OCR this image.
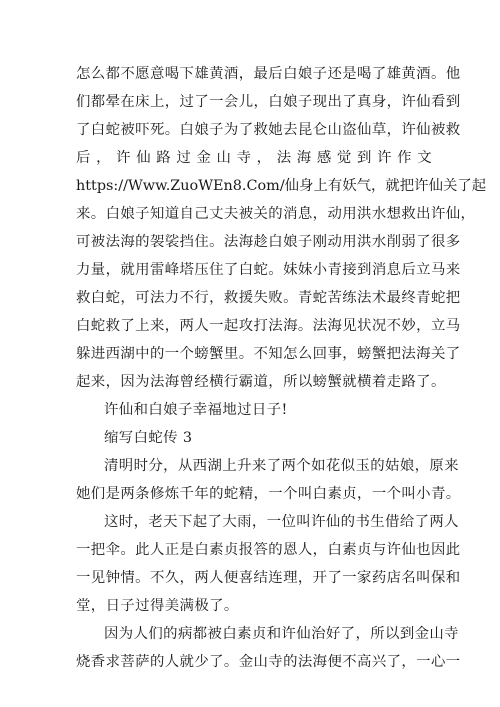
怎么都不愿意喝下雄黄酒，最后白娘子还是喝了雄黄酒。他
们都晕在床上，过了一会儿，白娘子现出了真身，许仙看到
了白蛇被吓死。白娘子为了救她去昆仑山盗仙草，许仙被救
后，许仙路过金山寺，法海感觉到许作文
https://Www.ZuoWEn8.Com/仙身上有妖气，就把许仙关了起
来。白娘子知道自己丈夫被关的消息，动用洪水想救出许仙，
可被法海的袈裟挡住。法海趁白娘子刚动用洪水削弱了很多
力量，就用雷峰塔压住了白蛇。妹妹小青接到消息后立马来
救白蛇，可法力不行，救援失败。青蛇苦练法术最终青蛇把
白蛇救了上来，两人一起攻打法海。法海见状况不妙，立马
躲进西湖中的一个螃蟹里。不知怎么回事，螃蟹把法海关了
起来，因为法海曾经横行霸道，所以螃蟹就横着走路了。
许仙和白娘子幸福地过日子!
缩写白蛇传 3
清明时分，从西湖上升来了两个如花似玉的姑娘，原来
她们是两条修炼千年的蛇精，一个叫白素贞，一个叫小青。
这时，老天下起了大雨，一位叫许仙的书生借给了两人
一把伞。此人正是白素贞报答的恩人，白素贞与许仙也因此
一见钟情。不久，两人便喜结连理，开了一家药店名叫保和
堂，日子过得美满极了。
因为人们的病都被白素贞和许仙治好了，所以到金山寺
烧香求菩萨的人就少了。金山寺的法海便不高兴了，一心一
